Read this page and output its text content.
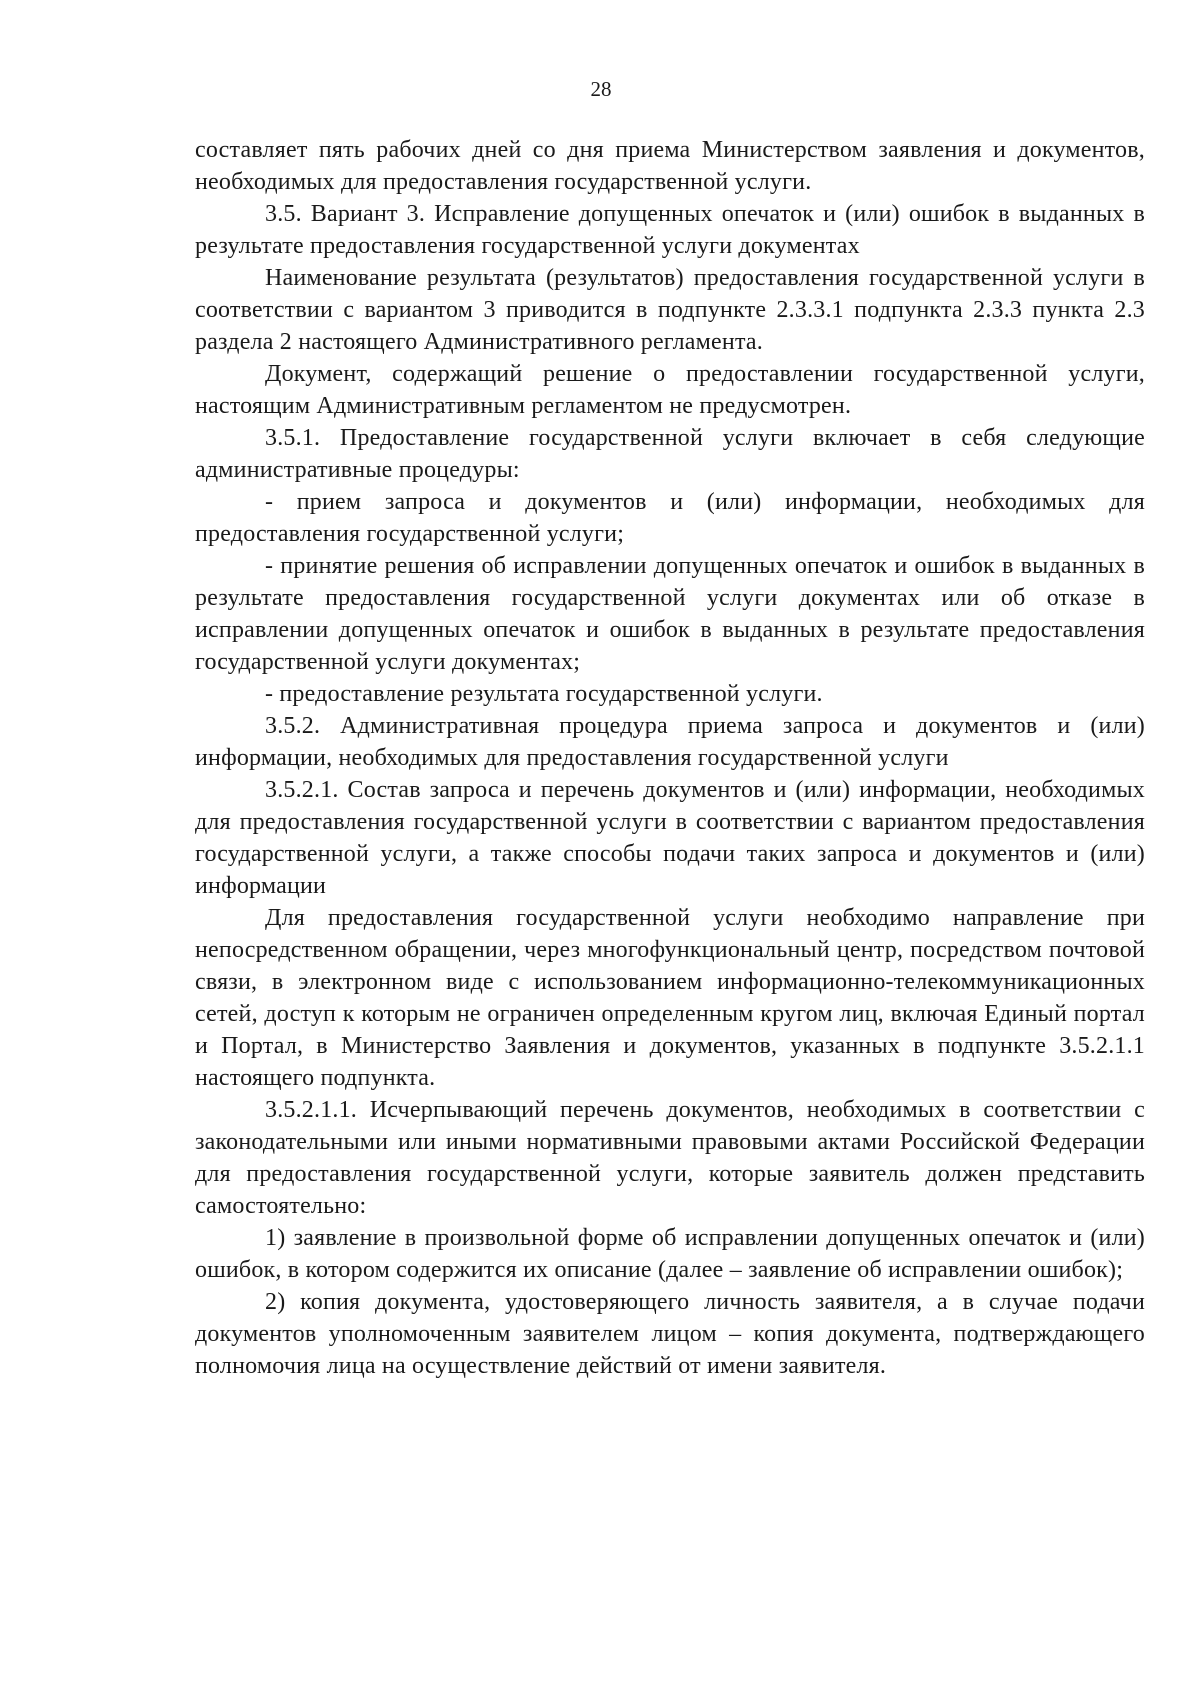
28

составляет пять рабочих дней со дня приема Министерством заявления и документов, необходимых для предоставления государственной услуги.

3.5. Вариант 3. Исправление допущенных опечаток и (или) ошибок в выданных в результате предоставления государственной услуги документах

Наименование результата (результатов) предоставления государственной услуги в соответствии с вариантом 3 приводится в подпункте 2.3.3.1 подпункта 2.3.3 пункта 2.3 раздела 2 настоящего Административного регламента.

Документ, содержащий решение о предоставлении государственной услуги, настоящим Административным регламентом не предусмотрен.

3.5.1. Предоставление государственной услуги включает в себя следующие административные процедуры:

- прием запроса и документов и (или) информации, необходимых для предоставления государственной услуги;

- принятие решения об исправлении допущенных опечаток и ошибок в выданных в результате предоставления государственной услуги документах или об отказе в исправлении допущенных опечаток и ошибок в выданных в результате предоставления государственной услуги документах;

- предоставление результата государственной услуги.

3.5.2. Административная процедура приема запроса и документов и (или) информации, необходимых для предоставления государственной услуги

3.5.2.1. Состав запроса и перечень документов и (или) информации, необходимых для предоставления государственной услуги в соответствии с вариантом предоставления государственной услуги, а также способы подачи таких запроса и документов и (или) информации

Для предоставления государственной услуги необходимо направление при непосредственном обращении, через многофункциональный центр, посредством почтовой связи, в электронном виде с использованием информационно-телекоммуникационных сетей, доступ к которым не ограничен определенным кругом лиц, включая Единый портал и Портал, в Министерство Заявления и документов, указанных в подпункте 3.5.2.1.1 настоящего подпункта.

3.5.2.1.1. Исчерпывающий перечень документов, необходимых в соответствии с законодательными или иными нормативными правовыми актами Российской Федерации для предоставления государственной услуги, которые заявитель должен представить самостоятельно:

1) заявление в произвольной форме об исправлении допущенных опечаток и (или) ошибок, в котором содержится их описание (далее – заявление об исправлении ошибок);

2) копия документа, удостоверяющего личность заявителя, а в случае подачи документов уполномоченным заявителем лицом – копия документа, подтверждающего полномочия лица на осуществление действий от имени заявителя.
